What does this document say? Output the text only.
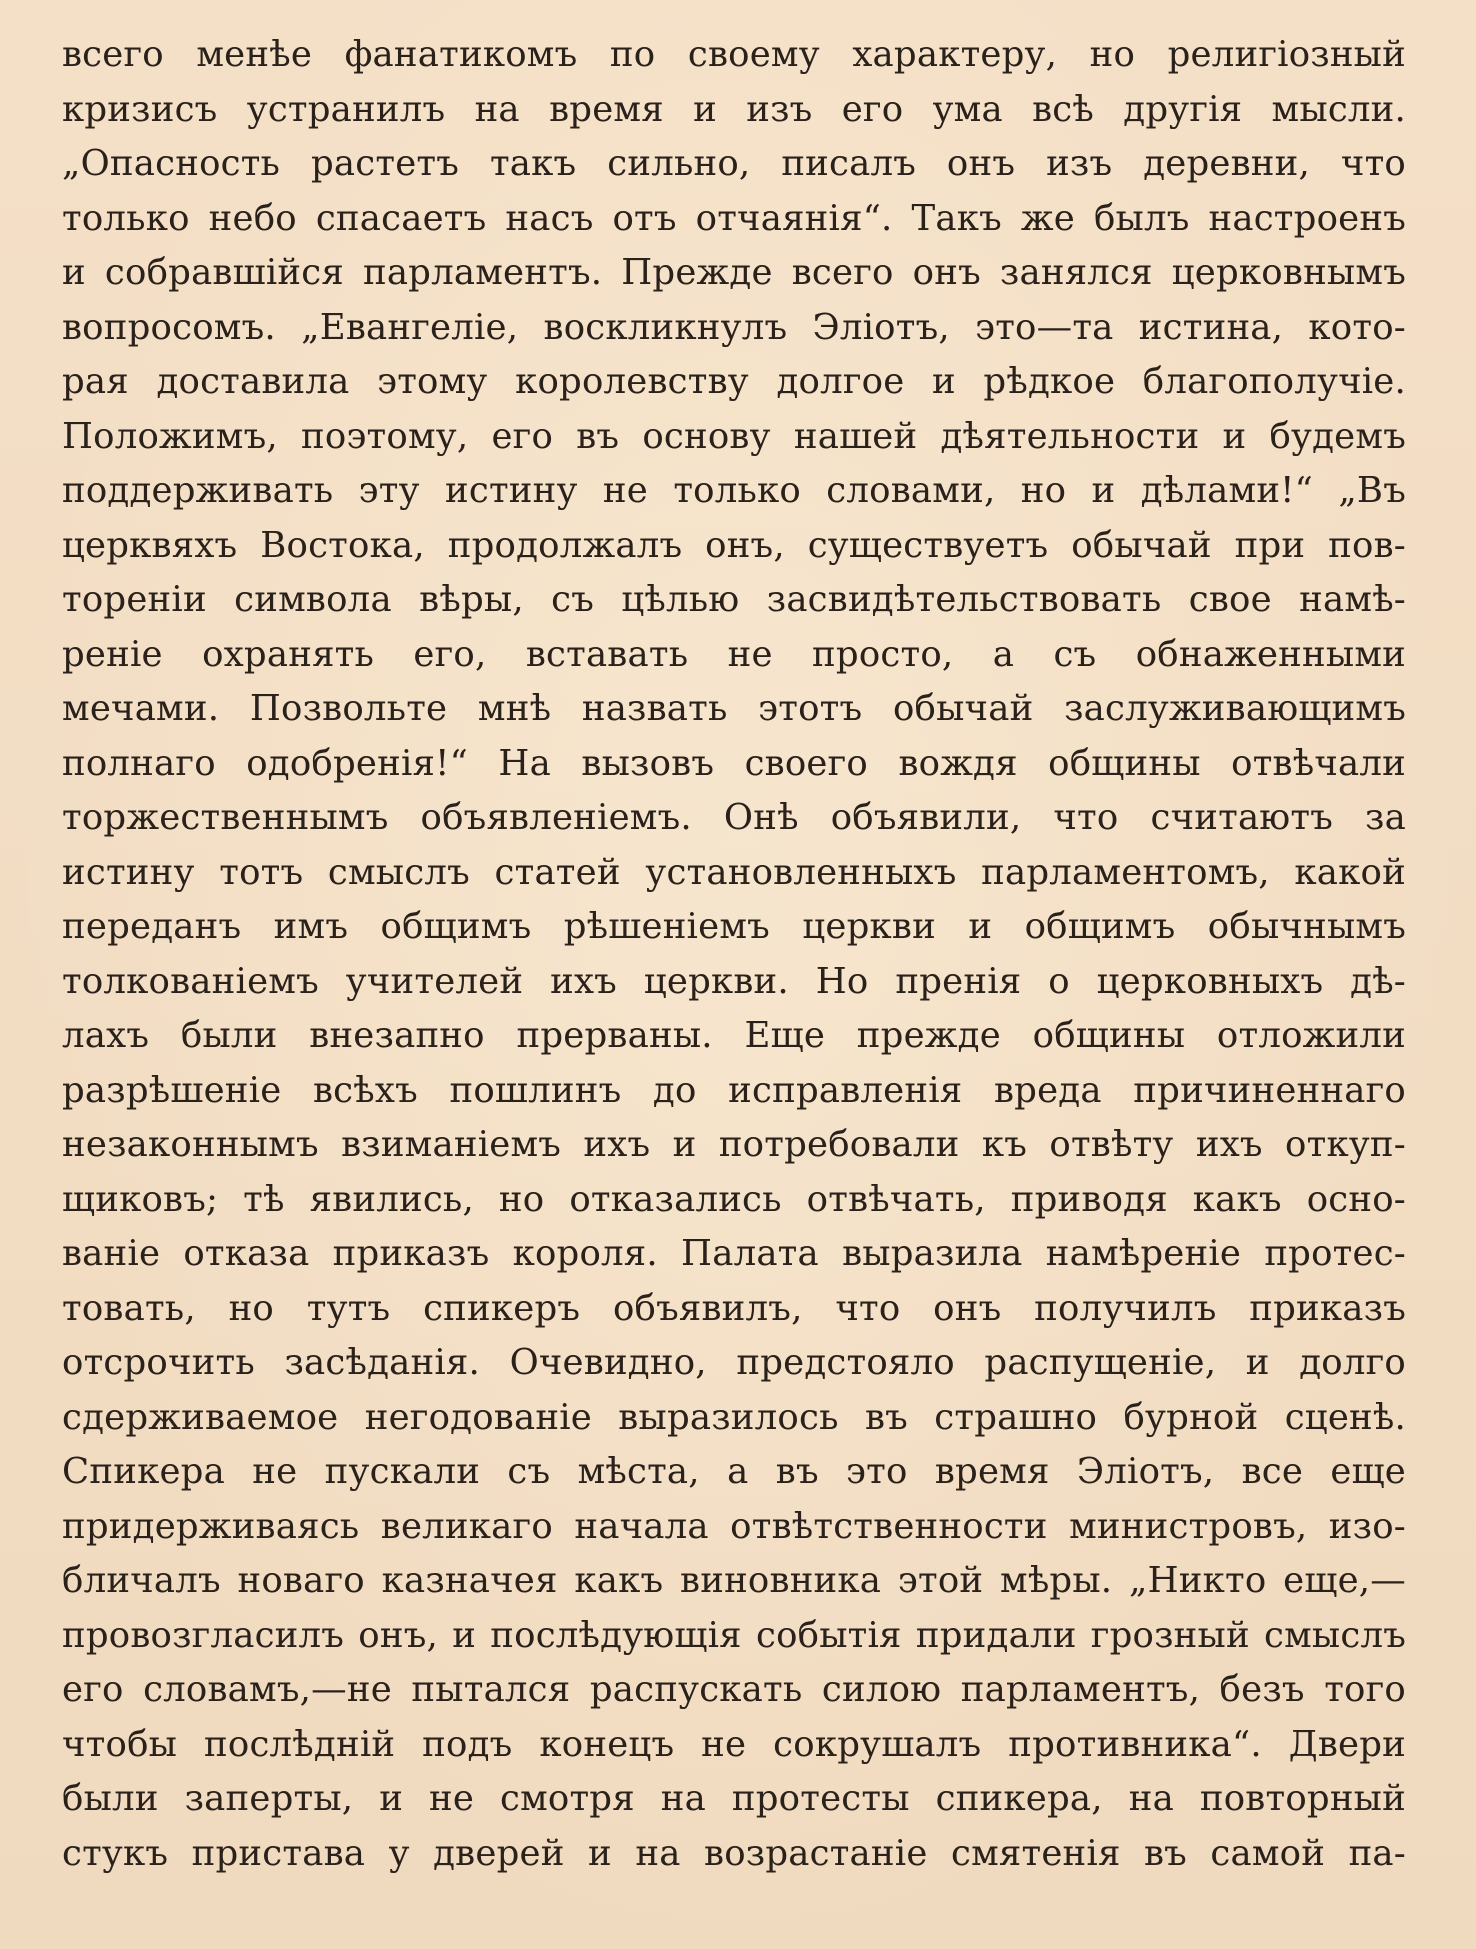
всего менѣе фанатикомъ по своему характеру, но религіозный
кризисъ устранилъ на время и изъ его ума всѣ другія мысли.
„Опасность растетъ такъ сильно, писалъ онъ изъ деревни, что
только небо спасаетъ насъ отъ отчаянія“. Такъ же былъ настроенъ
и собравшійся парламентъ. Прежде всего онъ занялся церковнымъ
вопросомъ. „Евангеліе, воскликнулъ Элiотъ, это—та истина, кото-
рая доставила этому королевству долгое и рѣдкое благополучіе.
Положимъ, поэтому, его въ основу нашей дѣятельности и будемъ
поддерживать эту истину не только словами, но и дѣлами!“ „Въ
церквяхъ Востока, продолжалъ онъ, существуетъ обычай при пов-
тореніи символа вѣры, съ цѣлью засвидѣтельствовать свое намѣ-
реніе охранять его, вставать не просто, а съ обнаженными
мечами. Позвольте мнѣ назвать этотъ обычай заслуживающимъ
полнаго одобренія!“ На вызовъ своего вождя общины отвѣчали
торжественнымъ объявленіемъ. Онѣ объявили, что считаютъ за
истину тотъ смыслъ статей установленныхъ парламентомъ, какой
переданъ имъ общимъ рѣшеніемъ церкви и общимъ обычнымъ
толкованіемъ учителей ихъ церкви. Но пренія о церковныхъ дѣ-
лахъ были внезапно прерваны. Еще прежде общины отложили
разрѣшеніе всѣхъ пошлинъ до исправленія вреда причиненнаго
незаконнымъ взиманіемъ ихъ и потребовали къ отвѣту ихъ откуп-
щиковъ; тѣ явились, но отказались отвѣчать, приводя какъ осно-
ваніе отказа приказъ короля. Палата выразила намѣреніе протес-
товать, но тутъ спикеръ объявилъ, что онъ получилъ приказъ
отсрочить засѣданія. Очевидно, предстояло распущеніе, и долго
сдерживаемое негодованіе выразилось въ страшно бурной сценѣ.
Спикера не пускали съ мѣста, а въ это время Элiотъ, все еще
придерживаясь великаго начала отвѣтственности министровъ, изо-
бличалъ новаго казначея какъ виновника этой мѣры. „Никто еще,—
провозгласилъ онъ, и послѣдующія событія придали грозный смыслъ
его словамъ,—не пытался распускать силою парламентъ, безъ того
чтобы послѣдній подъ конецъ не сокрушалъ противника“. Двери
были заперты, и не смотря на протесты спикера, на повторный
стукъ пристава у дверей и на возрастаніе смятенія въ самой па-
